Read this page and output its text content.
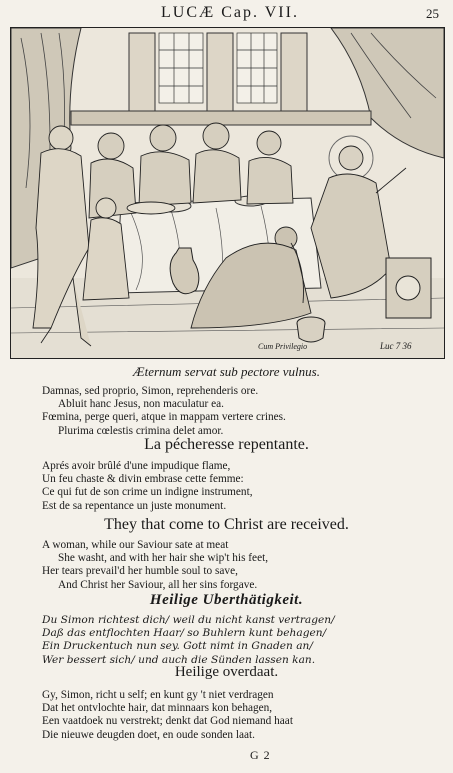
LUCÆ Cap. VII.	25
Cum Privilegio	Luc 7 36
Æternum servat sub pectore vulnus.
Damnas, sed proprio, Simon, reprehenderis ore.
Abluit hanc Jesus, non maculatur ea.
Fœmina, perge queri, atque in mappam vertere crines.
Plurima cœlestis crimina delet amor.
La pécheresse repentante.
Aprés avoir brûlé d'une impudique flame,
Un feu chaste & divin embrase cette femme:
Ce qui fut de son crime un indigne instrument,
Est de sa repentance un juste monument.
They that come to Christ are received.
A woman, while our Saviour sate at meat
She washt, and with her hair she wip't his feet,
Her tears prevail'd her humble soul to save,
And Christ her Saviour, all her sins forgave.
Heilige Uberthätigkeit.
Du Simon richtest dich/ weil du nicht kanst vertragen/
Daß das entflochten Haar/ so Buhlern kunt behagen/
Ein Druckentuch nun sey. Gott nimt in Gnaden an/
Wer bessert sich/ und auch die Sünden lassen kan.
Heilige overdaat.
Gy, Simon, richt u self; en kunt gy 't niet verdragen
Dat het ontvlochte hair, dat minnaars kon behagen,
Een vaatdoek nu verstrekt; denkt dat God niemand haat
Die nieuwe deugden doet, en oude sonden laat.
G 2
